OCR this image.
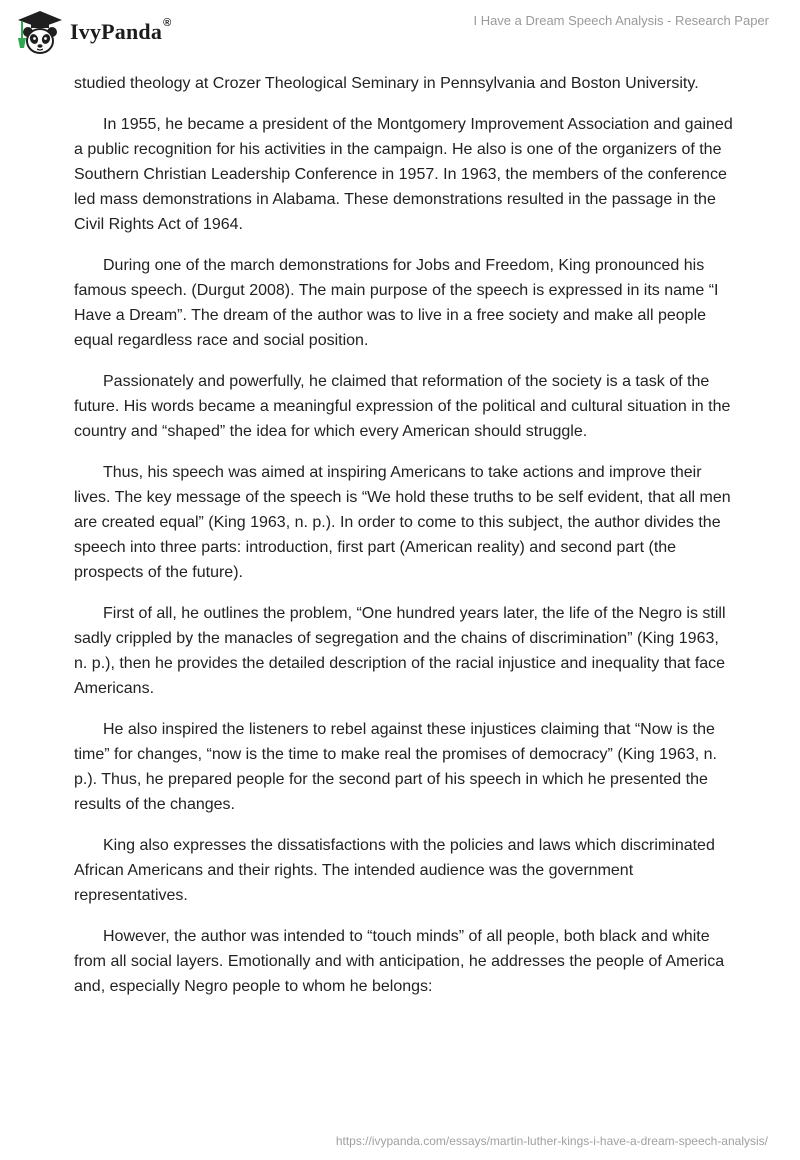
IvyPanda®	I Have a Dream Speech Analysis - Research Paper

studied theology at Crozer Theological Seminary in Pennsylvania and Boston University.

In 1955, he became a president of the Montgomery Improvement Association and gained a public recognition for his activities in the campaign. He also is one of the organizers of the Southern Christian Leadership Conference in 1957. In 1963, the members of the conference led mass demonstrations in Alabama. These demonstrations resulted in the passage in the Civil Rights Act of 1964.

During one of the march demonstrations for Jobs and Freedom, King pronounced his famous speech. (Durgut 2008). The main purpose of the speech is expressed in its name “I Have a Dream”. The dream of the author was to live in a free society and make all people equal regardless race and social position.

Passionately and powerfully, he claimed that reformation of the society is a task of the future. His words became a meaningful expression of the political and cultural situation in the country and “shaped” the idea for which every American should struggle.

Thus, his speech was aimed at inspiring Americans to take actions and improve their lives. The key message of the speech is “We hold these truths to be self evident, that all men are created equal” (King 1963, n. p.). In order to come to this subject, the author divides the speech into three parts: introduction, first part (American reality) and second part (the prospects of the future).

First of all, he outlines the problem, “One hundred years later, the life of the Negro is still sadly crippled by the manacles of segregation and the chains of discrimination” (King 1963, n. p.), then he provides the detailed description of the racial injustice and inequality that face Americans.

He also inspired the listeners to rebel against these injustices claiming that “Now is the time” for changes, “now is the time to make real the promises of democracy” (King 1963, n. p.). Thus, he prepared people for the second part of his speech in which he presented the results of the changes.

King also expresses the dissatisfactions with the policies and laws which discriminated African Americans and their rights. The intended audience was the government representatives.

However, the author was intended to “touch minds” of all people, both black and white from all social layers. Emotionally and with anticipation, he addresses the people of America and, especially Negro people to whom he belongs:

https://ivypanda.com/essays/martin-luther-kings-i-have-a-dream-speech-analysis/
